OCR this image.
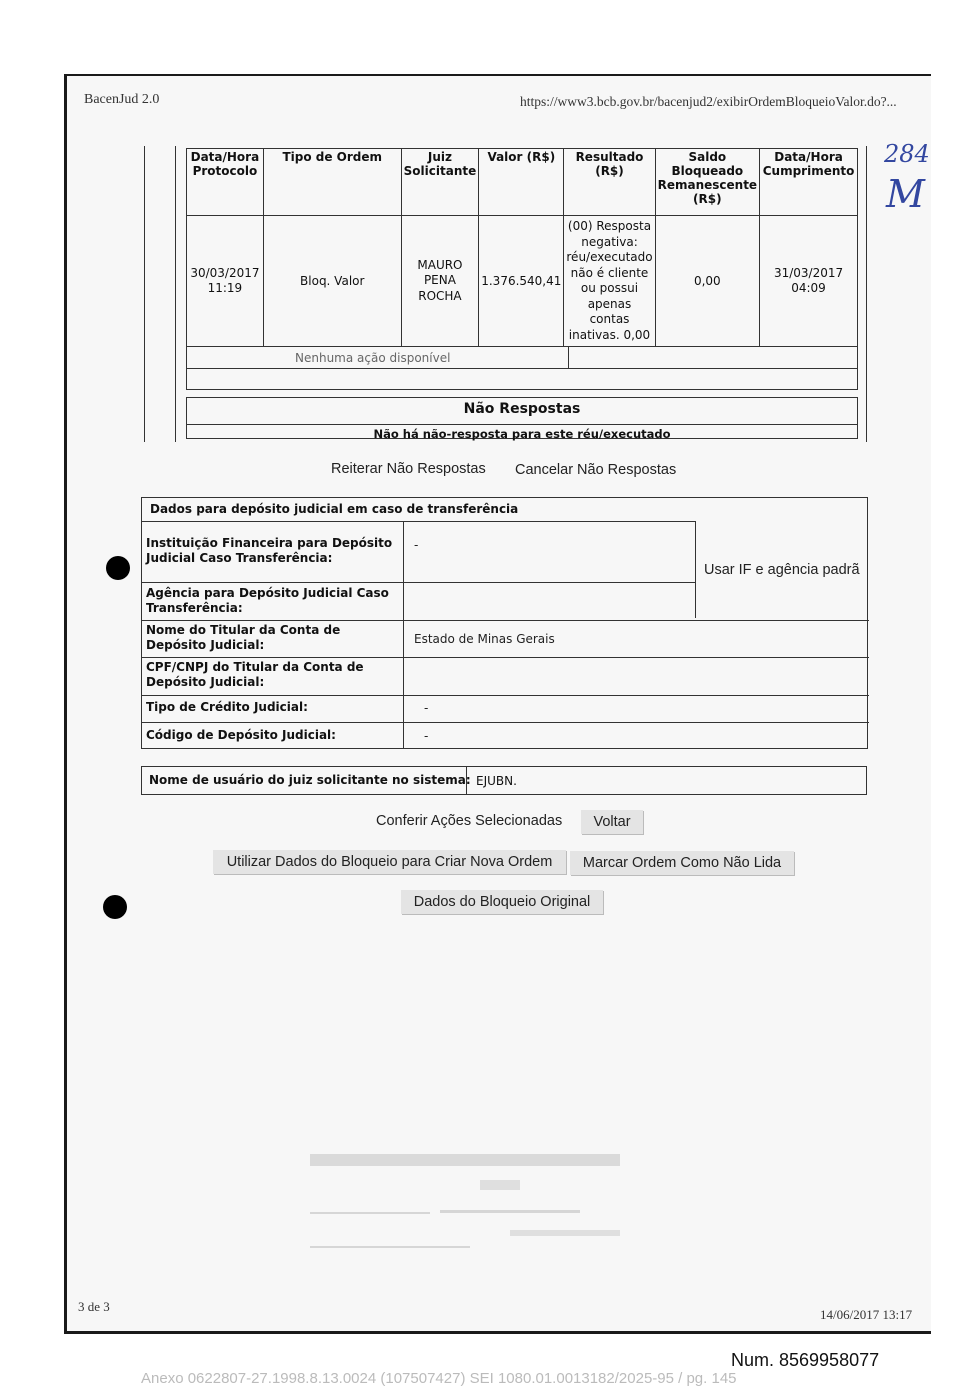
BacenJud 2.0	https://www3.bcb.gov.br/bacenjud2/exibirOrdemBloqueioValor.do?...
284
M
Data/Hora Protocolo	Tipo de Ordem	Juiz Solicitante	Valor (R$)	Resultado (R$)	Saldo Bloqueado Remanescente (R$)	Data/Hora Cumprimento
30/03/2017 11:19	Bloq. Valor	MAURO PENA ROCHA	1.376.540,41	(00) Resposta negativa: réu/executado não é cliente ou possui apenas contas inativas. 0,00	0,00	31/03/2017 04:09
Nenhuma ação disponível
Não Respostas
Não há não-resposta para este réu/executado
Reiterar Não Respostas Cancelar Não Respostas
Dados para depósito judicial em caso de transferência
Instituição Financeira para Depósito Judicial Caso Transferência:
-
Agência para Depósito Judicial Caso Transferência:
Nome do Titular da Conta de Depósito Judicial:	Estado de Minas Gerais
CPF/CNPJ do Titular da Conta de Depósito Judicial:
Tipo de Crédito Judicial:	-
Código de Depósito Judicial:	-
Usar IF e agência padrã
Nome de usuário do juiz solicitante no sistema: EJUBN.
Conferir Ações Selecionadas	Voltar
Utilizar Dados do Bloqueio para Criar Nova Ordem	Marcar Ordem Como Não Lida
Dados do Bloqueio Original
3 de 3
14/06/2017 13:17
Num. 8569958077
Anexo 0622807-27.1998.8.13.0024 (107507427) SEI 1080.01.0013182/2025-95 / pg. 145
